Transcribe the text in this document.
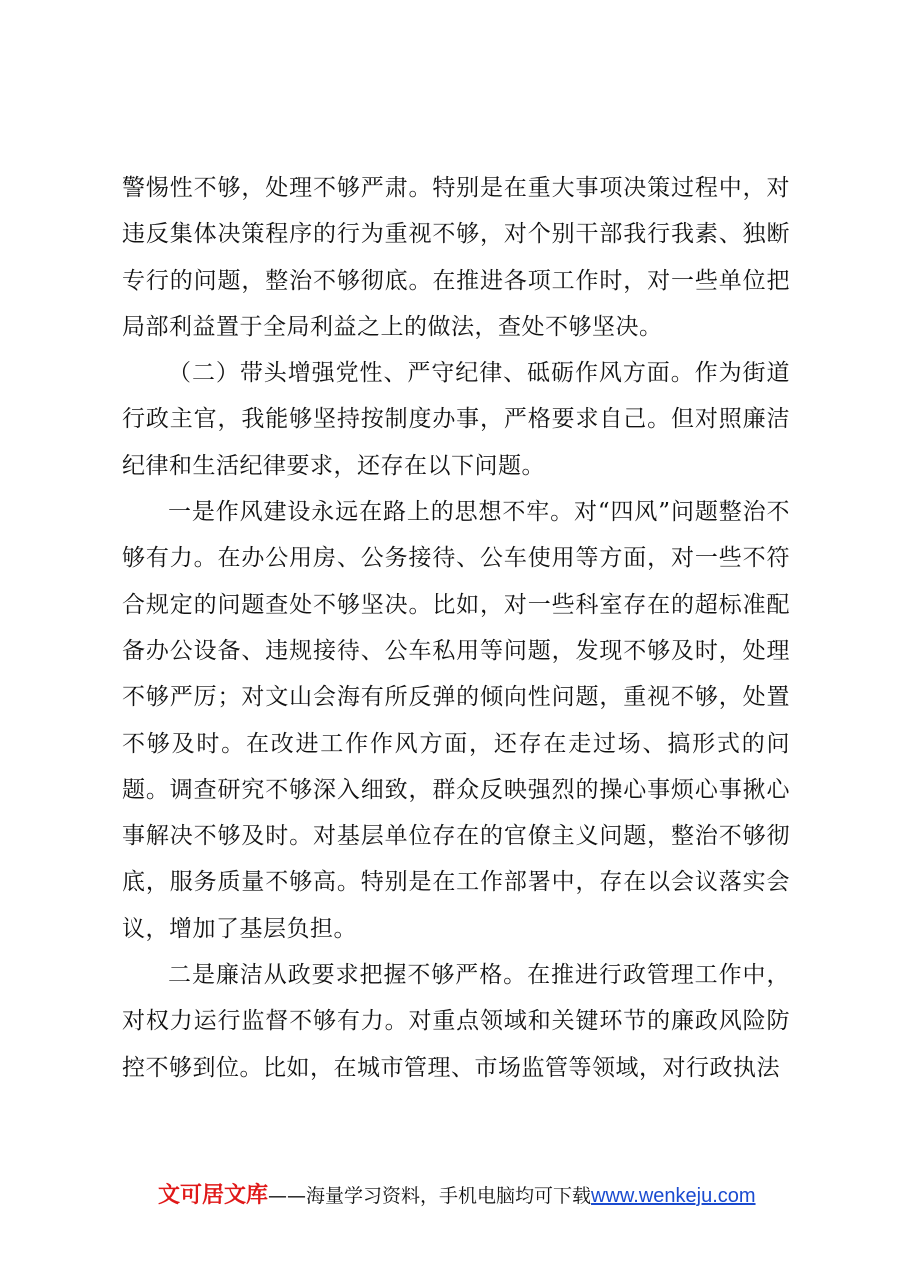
警惕性不够，处理不够严肃。特别是在重大事项决策过程中，对违反集体决策程序的行为重视不够，对个别干部我行我素、独断专行的问题，整治不够彻底。在推进各项工作时，对一些单位把局部利益置于全局利益之上的做法，查处不够坚决。

（二）带头增强党性、严守纪律、砥砺作风方面。作为街道行政主官，我能够坚持按制度办事，严格要求自己。但对照廉洁纪律和生活纪律要求，还存在以下问题。

一是作风建设永远在路上的思想不牢。对“四风”问题整治不够有力。在办公用房、公务接待、公车使用等方面，对一些不符合规定的问题查处不够坚决。比如，对一些科室存在的超标准配备办公设备、违规接待、公车私用等问题，发现不够及时，处理不够严厉；对文山会海有所反弹的倾向性问题，重视不够，处置不够及时。在改进工作作风方面，还存在走过场、搞形式的问题。调查研究不够深入细致，群众反映强烈的操心事烦心事揪心事解决不够及时。对基层单位存在的官僚主义问题，整治不够彻底，服务质量不够高。特别是在工作部署中，存在以会议落实会议，增加了基层负担。

二是廉洁从政要求把握不够严格。在推进行政管理工作中，对权力运行监督不够有力。对重点领域和关键环节的廉政风险防控不够到位。比如，在城市管理、市场监管等领域，对行政执法

文可居文库——海量学习资料，手机电脑均可下载www.wenkeju.com
